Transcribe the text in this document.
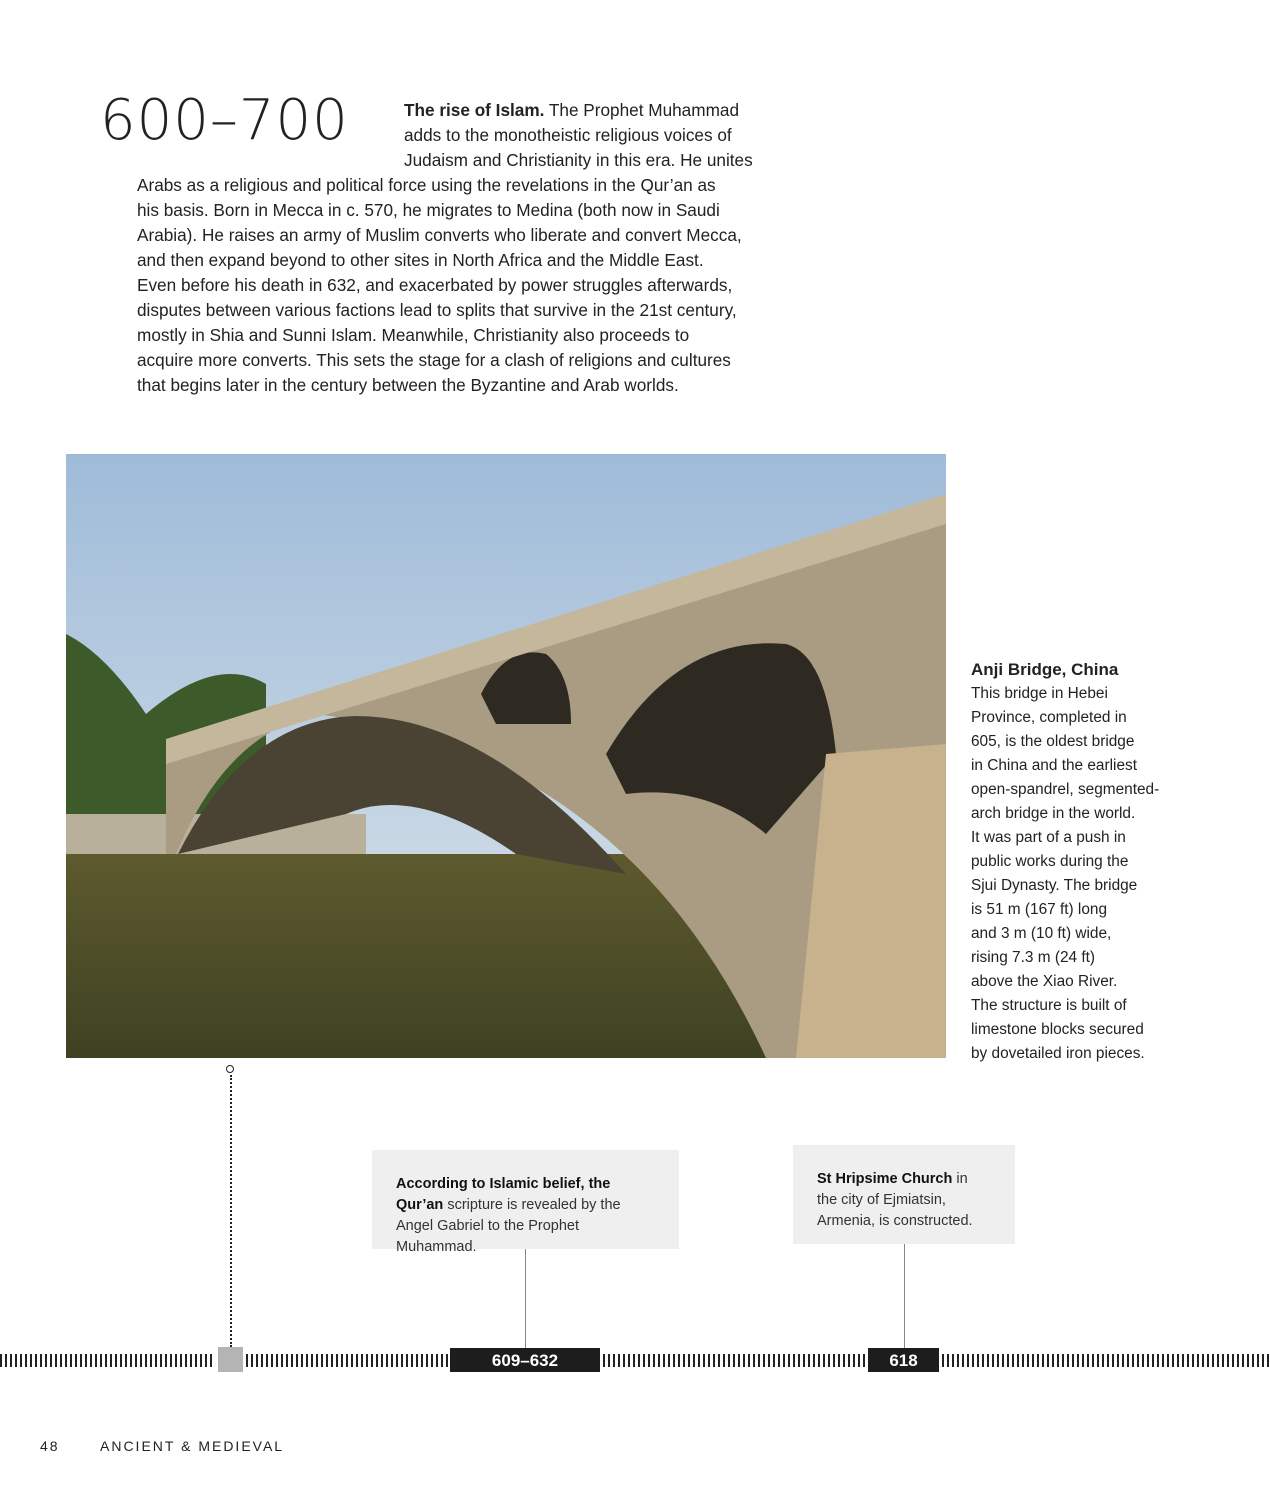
600–700	The rise of Islam. The Prophet Muhammad
adds to the monotheistic religious voices of
Judaism and Christianity in this era. He unites
Arabs as a religious and political force using the revelations in the Qur’an as
his basis. Born in Mecca in c. 570, he migrates to Medina (both now in Saudi
Arabia). He raises an army of Muslim converts who liberate and convert Mecca,
and then expand beyond to other sites in North Africa and the Middle East.
Even before his death in 632, and exacerbated by power struggles afterwards,
disputes between various factions lead to splits that survive in the 21st century,
mostly in Shia and Sunni Islam. Meanwhile, Christianity also proceeds to
acquire more converts. This sets the stage for a clash of religions and cultures
that begins later in the century between the Byzantine and Arab worlds.
Anji Bridge, China
This bridge in Hebei
Province, completed in
605, is the oldest bridge
in China and the earliest
open-spandrel, segmented-
arch bridge in the world.
It was part of a push in
public works during the
Sjui Dynasty. The bridge
is 51 m (167 ft) long
and 3 m (10 ft) wide,
rising 7.3 m (24 ft)
above the Xiao River.
The structure is built of
limestone blocks secured
by dovetailed iron pieces.
According to Islamic belief, the Qur’an scripture is revealed by the Angel Gabriel to the Prophet Muhammad.
St Hripsime Church in the city of Ejmiatsin, Armenia, is constructed.
609–632	618
48	ANCIENT & MEDIEVAL
